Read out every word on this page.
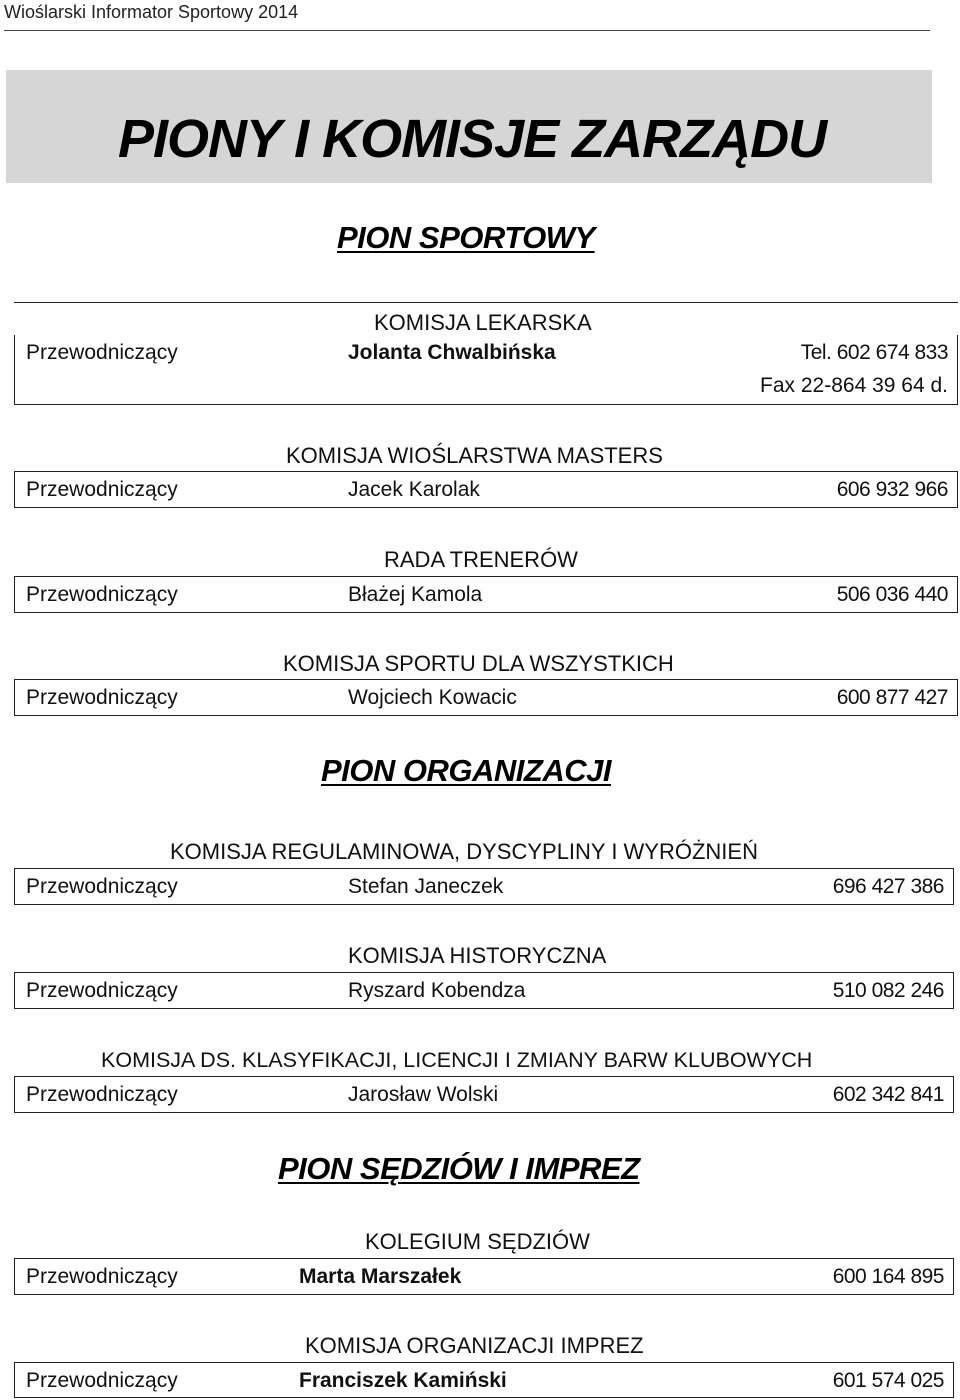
Wioślarski Informator Sportowy 2014
PIONY I KOMISJE ZARZĄDU
PION SPORTOWY
KOMISJA LEKARSKA
Przewodniczący	Jolanta Chwalbińska	Tel. 602 674 833
Fax 22-864 39 64 d.
KOMISJA WIOŚLARSTWA MASTERS
Przewodniczący	Jacek Karolak	606 932 966
RADA TRENERÓW
Przewodniczący	Błażej Kamola	506 036 440
KOMISJA SPORTU DLA WSZYSTKICH
Przewodniczący	Wojciech Kowacic	600 877 427
PION ORGANIZACJI
KOMISJA REGULAMINOWA, DYSCYPLINY I WYRÓŻNIEŃ
Przewodniczący	Stefan Janeczek	696 427 386
KOMISJA HISTORYCZNA
Przewodniczący	Ryszard Kobendza	510 082 246
KOMISJA DS. KLASYFIKACJI, LICENCJI I ZMIANY BARW KLUBOWYCH
Przewodniczący	Jarosław Wolski	602 342 841
PION SĘDZIÓW I IMPREZ
KOLEGIUM SĘDZIÓW
Przewodniczący	Marta Marszałek	600 164 895
KOMISJA ORGANIZACJI IMPREZ
Przewodniczący	Franciszek Kamiński	601 574 025
